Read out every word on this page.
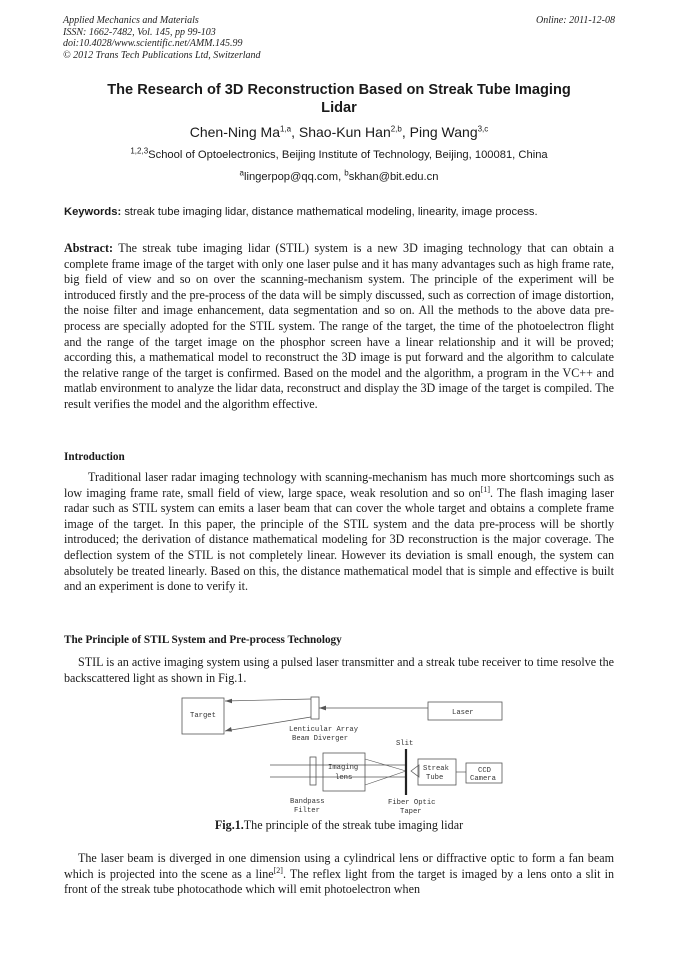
Applied Mechanics and Materials
ISSN: 1662-7482, Vol. 145, pp 99-103
doi:10.4028/www.scientific.net/AMM.145.99
© 2012 Trans Tech Publications Ltd, Switzerland
Online: 2011-12-08
The Research of 3D Reconstruction Based on Streak Tube Imaging Lidar
Chen-Ning Ma$^{1,a}$, Shao-Kun Han$^{2,b}$, Ping Wang$^{3,c}$
$^{1,2,3}$School of Optoelectronics, Beijing Institute of Technology, Beijing, 100081, China
$^a$lingerpop@qq.com, $^b$skhan@bit.edu.cn
Keywords: streak tube imaging lidar, distance mathematical modeling, linearity, image process.
Abstract: The streak tube imaging lidar (STIL) system is a new 3D imaging technology that can obtain a complete frame image of the target with only one laser pulse and it has many advantages such as high frame rate, big field of view and so on over the scanning-mechanism system. The principle of the experiment will be introduced firstly and the pre-process of the data will be simply discussed, such as correction of image distortion, the noise filter and image enhancement, data segmentation and so on. All the methods to the above data pre-process are specially adopted for the STIL system. The range of the target, the time of the photoelectron flight and the range of the target image on the phosphor screen have a linear relationship and it will be proved; according this, a mathematical model to reconstruct the 3D image is put forward and the algorithm to calculate the relative range of the target is confirmed. Based on the model and the algorithm, a program in the VC++ and matlab environment to analyze the lidar data, reconstruct and display the 3D image of the target is compiled. The result verifies the model and the algorithm effective.
Introduction
Traditional laser radar imaging technology with scanning-mechanism has much more shortcomings such as low imaging frame rate, small field of view, large space, weak resolution and so on[1]. The flash imaging laser radar such as STIL system can emits a laser beam that can cover the whole target and obtains a complete frame image of the target. In this paper, the principle of the STIL system and the data pre-process will be shortly introduced; the derivation of distance mathematical modeling for 3D reconstruction is the major coverage. The deflection system of the STIL is not completely linear. However its deviation is small enough, the system can absolutely be treated linearly. Based on this, the distance mathematical model that is simple and effective is built and an experiment is done to verify it.
The Principle of STIL System and Pre-process Technology
STIL is an active imaging system using a pulsed laser transmitter and a streak tube receiver to time resolve the backscattered light as shown in Fig.1.
Target	Laser
Lenticular Array
Beam Diverger
Bandpass
Filter
Imaging
lens
Slit
Fiber Optic
Taper
Streak
Tube
CCD
Camera
Fig.1.The principle of the streak tube imaging lidar
The laser beam is diverged in one dimension using a cylindrical lens or diffractive optic to form a fan beam which is projected into the scene as a line[2]. The reflex light from the target is imaged by a lens onto a slit in front of the streak tube photocathode which will emit photoelectron when
